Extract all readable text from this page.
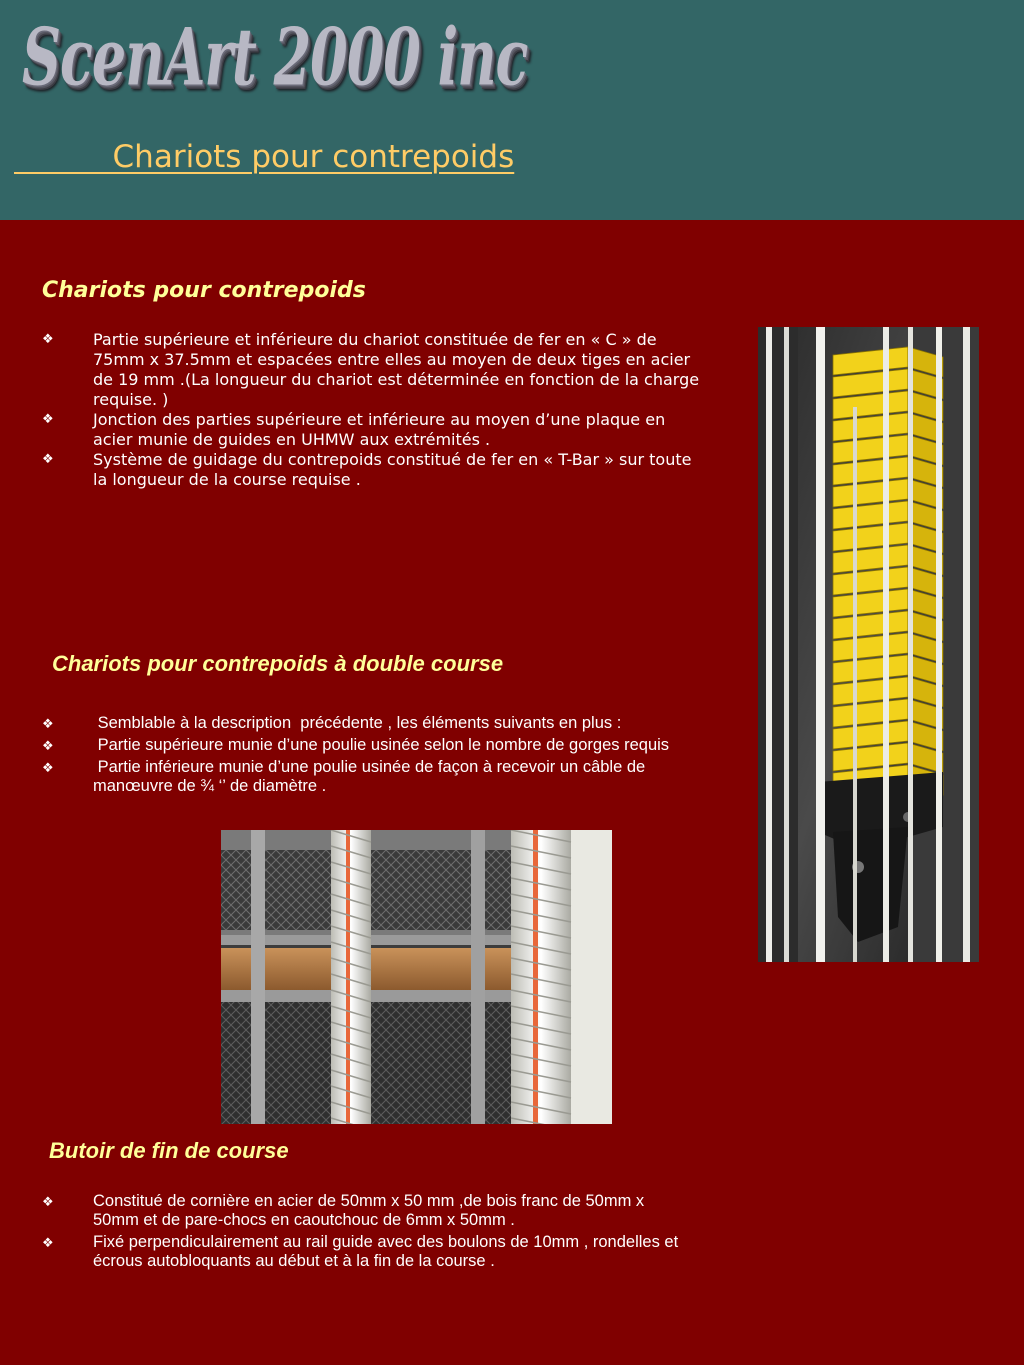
ScenArt 2000 inc
Chariots pour contrepoids
Chariots pour contrepoids
❖ Partie supérieure et inférieure du chariot constituée de fer en « C » de 75mm x 37.5mm et espacées entre elles au moyen de deux tiges en acier de 19 mm .(La longueur du chariot est déterminée en fonction de la charge requise. )
❖ Jonction des parties supérieure et inférieure au moyen d’une plaque en acier munie de guides en UHMW aux extrémités .
❖ Système de guidage du contrepoids constitué de fer en « T-Bar » sur toute la longueur de la course requise .
Chariots pour contrepoids à double course
❖ Semblable à la description  précédente , les éléments suivants en plus :
❖ Partie supérieure munie d’une poulie usinée selon le nombre de gorges requis
❖ Partie inférieure munie d’une poulie usinée de façon à recevoir un câble de manœuvre de ¾ ‘’ de diamètre .
Butoir de fin de course
❖ Constitué de cornière en acier de 50mm x 50 mm ,de bois franc de 50mm x 50mm et de pare-chocs en caoutchouc de 6mm x 50mm .
❖ Fixé perpendiculairement au rail guide avec des boulons de 10mm , rondelles et écrous autobloquants au début et à la fin de la course .
